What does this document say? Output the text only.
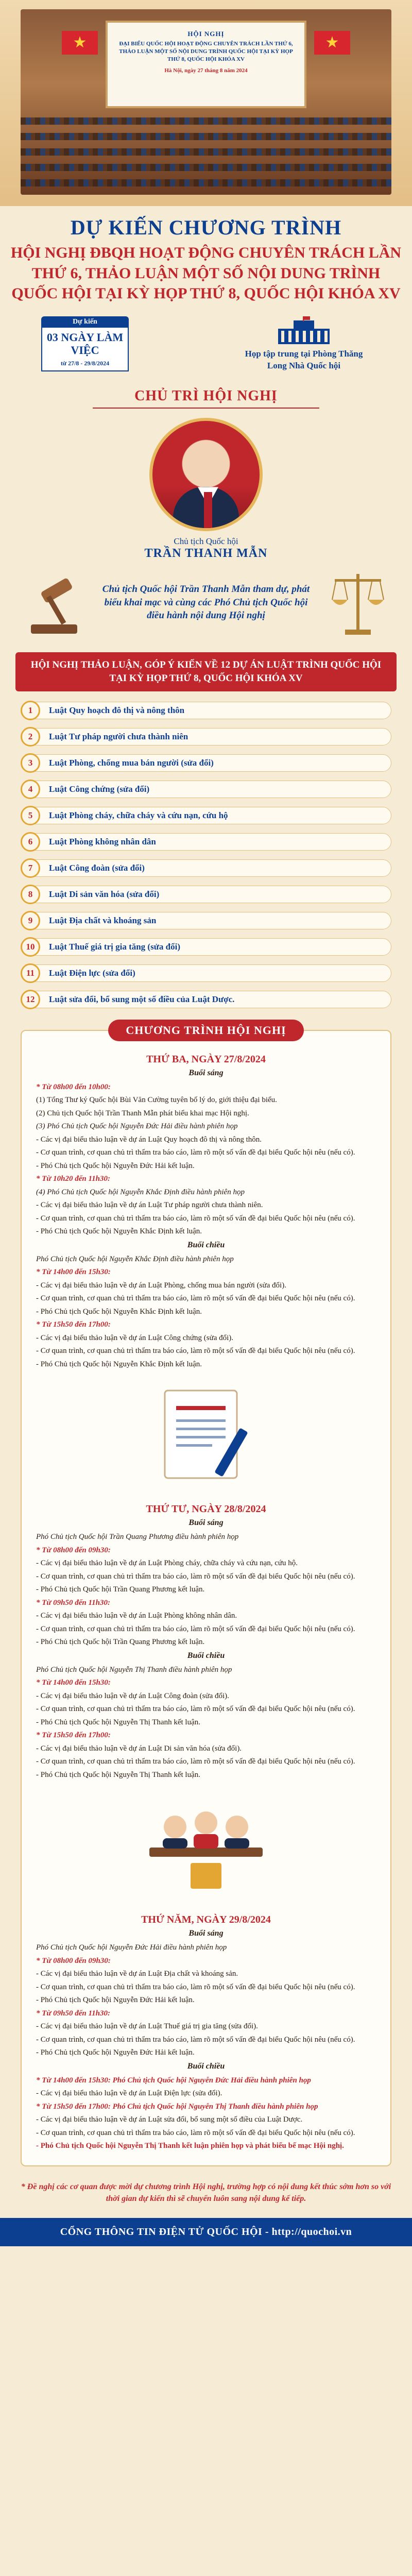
★
★
HỘI NGHỊ
ĐẠI BIỂU QUỐC HỘI HOẠT ĐỘNG CHUYÊN TRÁCH LẦN THỨ 6, THẢO LUẬN MỘT SỐ NỘI DUNG TRÌNH QUỐC HỘI TẠI KỲ HỌP THỨ 8, QUỐC HỘI KHÓA XV
Hà Nội, ngày 27 tháng 8 năm 2024
DỰ KIẾN CHƯƠNG TRÌNH
HỘI NGHỊ ĐBQH HOẠT ĐỘNG CHUYÊN TRÁCH LẦN THỨ 6, THẢO LUẬN MỘT SỐ NỘI DUNG TRÌNH QUỐC HỘI TẠI KỲ HỌP THỨ 8, QUỐC HỘI KHÓA XV
Dự kiến
03 NGÀY LÀM VIỆC
từ 27/8 - 29/8/2024
Họp tập trung tại Phòng Thăng Long Nhà Quốc hội
CHỦ TRÌ HỘI NGHỊ
Chủ tịch Quốc hội
TRẦN THANH MẪN
Chủ tịch Quốc hội Trần Thanh Mẫn tham dự, phát biểu khai mạc và cùng các Phó Chủ tịch Quốc hội điều hành nội dung Hội nghị
HỘI NGHỊ THẢO LUẬN, GÓP Ý KIẾN VỀ 12 DỰ ÁN LUẬT TRÌNH QUỐC HỘI TẠI KỲ HỌP THỨ 8, QUỐC HỘI KHÓA XV
1	Luật Quy hoạch đô thị và nông thôn
2	Luật Tư pháp người chưa thành niên
3	Luật Phòng, chống mua bán người (sửa đổi)
4	Luật Công chứng (sửa đổi)
5	Luật Phòng cháy, chữa cháy và cứu nạn, cứu hộ
6	Luật Phòng không nhân dân
7	Luật Công đoàn (sửa đổi)
8	Luật Di sản văn hóa (sửa đổi)
9	Luật Địa chất và khoáng sản
10	Luật Thuế giá trị gia tăng (sửa đổi)
11	Luật Điện lực (sửa đổi)
12	Luật sửa đổi, bổ sung một số điều của Luật Dược.
CHƯƠNG TRÌNH HỘI NGHỊ
THỨ BA, NGÀY 27/8/2024
Buổi sáng

* Từ 08h00 đến 10h00:

(1) Tổng Thư ký Quốc hội Bùi Văn Cường tuyên bố lý do, giới thiệu đại biểu.

(2) Chủ tịch Quốc hội Trần Thanh Mẫn phát biểu khai mạc Hội nghị.

(3) Phó Chủ tịch Quốc hội Nguyễn Đức Hải điều hành phiên họp

- Các vị đại biểu thảo luận về dự án Luật Quy hoạch đô thị và nông thôn.

- Cơ quan trình, cơ quan chủ trì thẩm tra báo cáo, làm rõ một số vấn đề đại biểu Quốc hội nêu (nếu có).

- Phó Chủ tịch Quốc hội Nguyễn Đức Hải kết luận.

* Từ 10h20 đến 11h30:

(4) Phó Chủ tịch Quốc hội Nguyễn Khắc Định điều hành phiên họp

- Các vị đại biểu thảo luận về dự án Luật Tư pháp người chưa thành niên.

- Cơ quan trình, cơ quan chủ trì thẩm tra báo cáo, làm rõ một số vấn đề đại biểu Quốc hội nêu (nếu có).

- Phó Chủ tịch Quốc hội Nguyễn Khắc Định kết luận.

Buổi chiều

Phó Chủ tịch Quốc hội Nguyễn Khắc Định điều hành phiên họp

* Từ 14h00 đến 15h30:

- Các vị đại biểu thảo luận về dự án Luật Phòng, chống mua bán người (sửa đổi).

- Cơ quan trình, cơ quan chủ trì thẩm tra báo cáo, làm rõ một số vấn đề đại biểu Quốc hội nêu (nếu có).

- Phó Chủ tịch Quốc hội Nguyễn Khắc Định kết luận.

* Từ 15h50 đến 17h00:

- Các vị đại biểu thảo luận về dự án Luật Công chứng (sửa đổi).

- Cơ quan trình, cơ quan chủ trì thẩm tra báo cáo, làm rõ một số vấn đề đại biểu Quốc hội nêu (nếu có).

- Phó Chủ tịch Quốc hội Nguyễn Khắc Định kết luận.

THỨ TƯ, NGÀY 28/8/2024
Buổi sáng

Phó Chủ tịch Quốc hội Trần Quang Phương điều hành phiên họp

* Từ 08h00 đến 09h30:

- Các vị đại biểu thảo luận về dự án Luật Phòng cháy, chữa cháy và cứu nạn, cứu hộ.

- Cơ quan trình, cơ quan chủ trì thẩm tra báo cáo, làm rõ một số vấn đề đại biểu Quốc hội nêu (nếu có).

- Phó Chủ tịch Quốc hội Trần Quang Phương kết luận.

* Từ 09h50 đến 11h30:

- Các vị đại biểu thảo luận về dự án Luật Phòng không nhân dân.

- Cơ quan trình, cơ quan chủ trì thẩm tra báo cáo, làm rõ một số vấn đề đại biểu Quốc hội nêu (nếu có).

- Phó Chủ tịch Quốc hội Trần Quang Phương kết luận.

Buổi chiều

Phó Chủ tịch Quốc hội Nguyễn Thị Thanh điều hành phiên họp

* Từ 14h00 đến 15h30:

- Các vị đại biểu thảo luận về dự án Luật Công đoàn (sửa đổi).

- Cơ quan trình, cơ quan chủ trì thẩm tra báo cáo, làm rõ một số vấn đề đại biểu Quốc hội nêu (nếu có).

- Phó Chủ tịch Quốc hội Nguyễn Thị Thanh kết luận.

* Từ 15h50 đến 17h00:

- Các vị đại biểu thảo luận về dự án Luật Di sản văn hóa (sửa đổi).

- Cơ quan trình, cơ quan chủ trì thẩm tra báo cáo, làm rõ một số vấn đề đại biểu Quốc hội nêu (nếu có).

- Phó Chủ tịch Quốc hội Nguyễn Thị Thanh kết luận.

THỨ NĂM, NGÀY 29/8/2024
Buổi sáng

Phó Chủ tịch Quốc hội Nguyễn Đức Hải điều hành phiên họp

* Từ 08h00 đến 09h30:

- Các vị đại biểu thảo luận về dự án Luật Địa chất và khoáng sản.

- Cơ quan trình, cơ quan chủ trì thẩm tra báo cáo, làm rõ một số vấn đề đại biểu Quốc hội nêu (nếu có).

- Phó Chủ tịch Quốc hội Nguyễn Đức Hải kết luận.

* Từ 09h50 đến 11h30:

- Các vị đại biểu thảo luận về dự án Luật Thuế giá trị gia tăng (sửa đổi).

- Cơ quan trình, cơ quan chủ trì thẩm tra báo cáo, làm rõ một số vấn đề đại biểu Quốc hội nêu (nếu có).

- Phó Chủ tịch Quốc hội Nguyễn Đức Hải kết luận.

Buổi chiều

* Từ 14h00 đến 15h30: Phó Chủ tịch Quốc hội Nguyễn Đức Hải điều hành phiên họp

- Các vị đại biểu thảo luận về dự án Luật Điện lực (sửa đổi).

* Từ 15h50 đến 17h00: Phó Chủ tịch Quốc hội Nguyễn Thị Thanh điều hành phiên họp

- Các vị đại biểu thảo luận về dự án Luật sửa đổi, bổ sung một số điều của Luật Dược.

- Cơ quan trình, cơ quan chủ trì thẩm tra báo cáo, làm rõ một số vấn đề đại biểu Quốc hội nêu (nếu có).

- Phó Chủ tịch Quốc hội Nguyễn Thị Thanh kết luận phiên họp và phát biểu bế mạc Hội nghị.

* Đề nghị các cơ quan được mời dự chương trình Hội nghị, trường hợp có nội dung kết thúc sớm hơn so với thời gian dự kiến thì sẽ chuyển luôn sang nội dung kế tiếp.
CỔNG THÔNG TIN ĐIỆN TỬ QUỐC HỘI - http://quochoi.vn
